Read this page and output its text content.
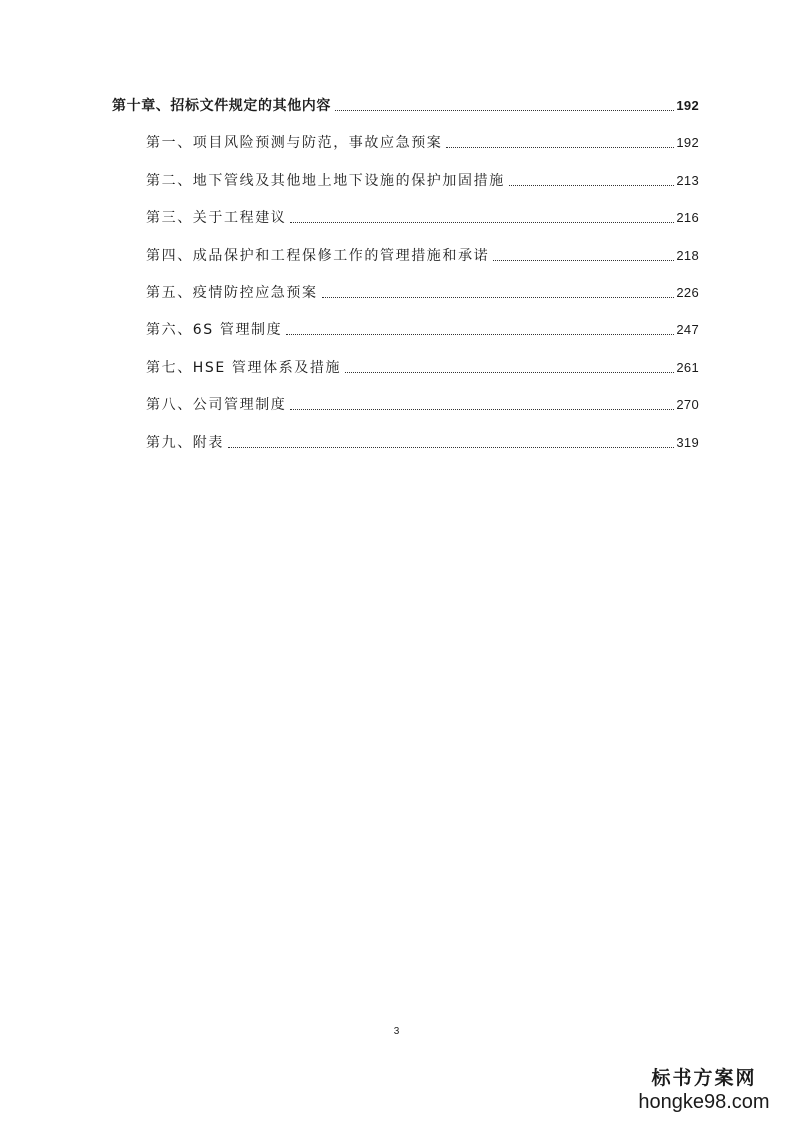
第十章、招标文件规定的其他内容	192
第一、项目风险预测与防范，事故应急预案	192
第二、地下管线及其他地上地下设施的保护加固措施	213
第三、关于工程建议	216
第四、成品保护和工程保修工作的管理措施和承诺	218
第五、疫情防控应急预案	226
第六、6S 管理制度	247
第七、HSE 管理体系及措施	261
第八、公司管理制度	270
第九、附表	319
3
标书方案网
hongke98.com
